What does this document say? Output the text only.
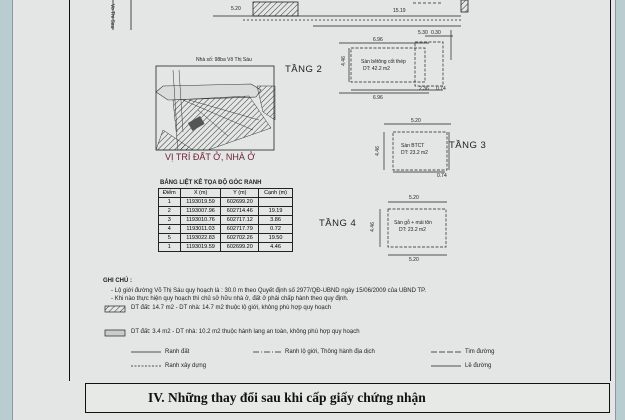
5.20	15.19
Vo Thi Sau
Nhà số: 98ba Võ Thị Sáu
VỊ TRÍ ĐẤT Ở, NHÀ Ở
BẢNG LIỆT KÊ TỌA ĐỘ GÓC RANH
Điểm	X (m)	Y (m)	Cạnh (m)
1	1193019.59	602699.20	
2	1193007.96	602714.46	19.19
3	1193010.76	602717.12	3.86
4	1193011.03	602717.79	0.72
5	1193022.83	602702.26	19.50
1	1193019.59	602699.20	4.46
TẦNG 2
Sàn bêtông cốt thép
DT: 42.2 m2
6.96
5.30 0.30
2.36 0.74
6.96
4.46
TẦNG 3
Sàn BTCT
DT: 23.2 m2
5.20
4.46
0.74
TẦNG 4	Sàn gỗ + mái tôn
DT: 23.2 m2
5.20
4.46
5.20
GHI CHÚ :
- Lộ giới đường Võ Thị Sáu quy hoạch là : 30.0 m theo Quyết định số 2977/QĐ-UBND ngày 15/06/2009 của UBND TP.
- Khi nào thực hiện quy hoạch thì chủ sở hữu nhà ở, đất ở phải chấp hành theo quy định.
DT đất: 14.7 m2 - DT nhà: 14.7 m2 thuộc lộ giới, không phù hợp quy hoạch
DT đất: 3.4 m2 - DT nhà: 10.2 m2 thuộc hành lang an toàn, không phù hợp quy hoạch
Ranh đất	Ranh lộ giới, Thông hành địa dịch	Tim đường
Ranh xây dựng	Lề đường
IV. Những thay đổi sau khi cấp giấy chứng nhận
